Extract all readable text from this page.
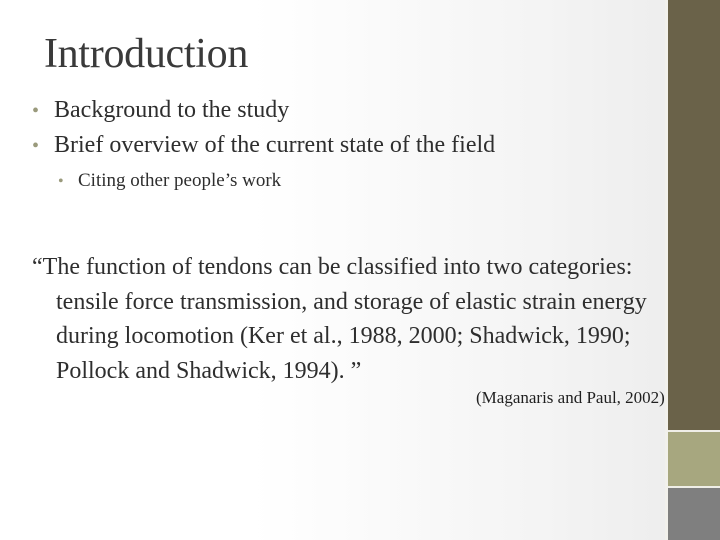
Introduction
• Background to the study
• Brief overview of the current state of the field
• Citing other people’s work
“The function of tendons can be classified into two categories: tensile force transmission, and storage of elastic strain energy during locomotion (Ker et al., 1988, 2000; Shadwick, 1990; Pollock and Shadwick, 1994). ”
(Maganaris and Paul, 2002)
